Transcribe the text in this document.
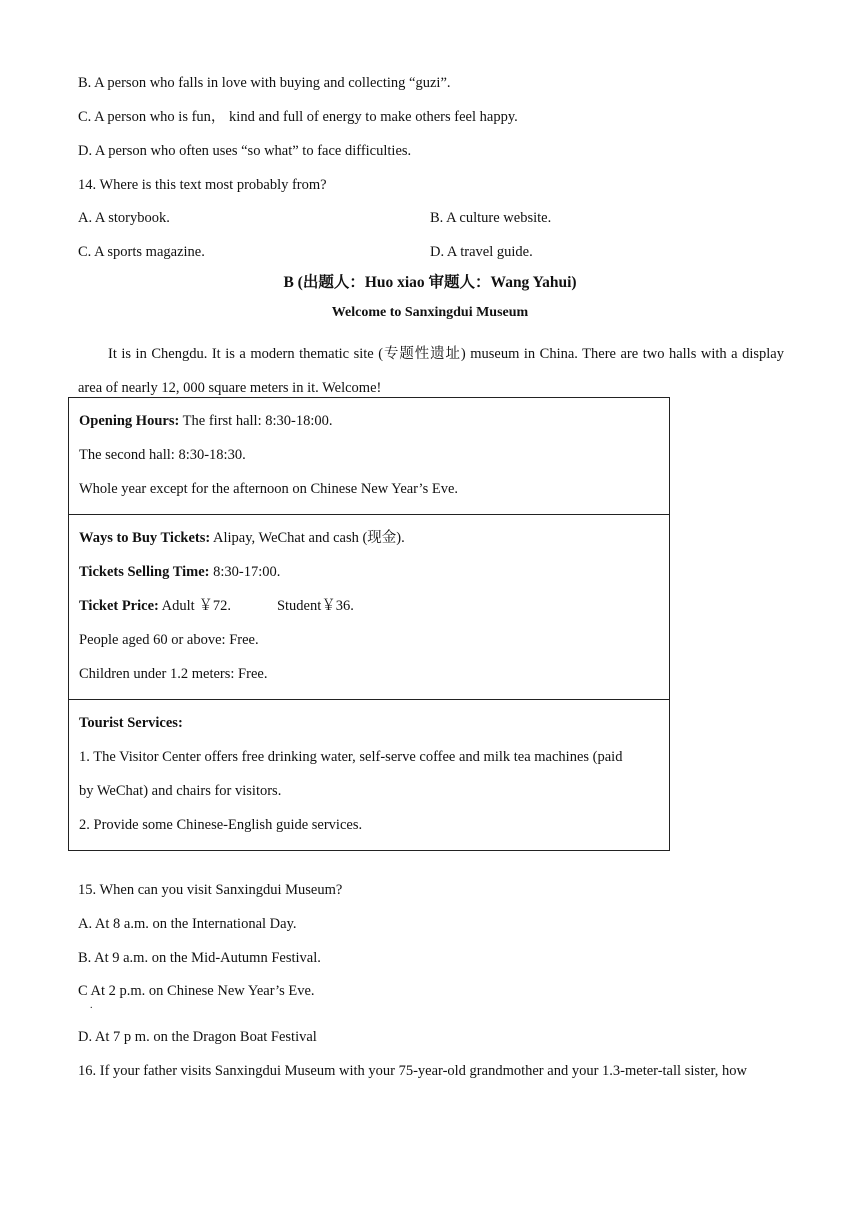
B. A person who falls in love with buying and collecting “guzi”.
C. A person who is fun， kind and full of energy to make others feel happy.
D. A person who often uses “so what” to face difficulties.
14. Where is this text most probably from?
A. A storybook.	B. A culture website.
C. A sports magazine.	D. A travel guide.
B (出题人：Huo xiao 审题人：Wang Yahui)
Welcome to Sanxingdui Museum
It is in Chengdu. It is a modern thematic site (专题性遗址) museum in China. There are two halls with a display area of nearly 12, 000 square meters in it. Welcome!
Opening Hours: The first hall: 8:30-18:00.
The second hall: 8:30-18:30.
Whole year except for the afternoon on Chinese New Year’s Eve.
Ways to Buy Tickets: Alipay, WeChat and cash (现金).
Tickets Selling Time: 8:30-17:00.
Ticket Price: Adult ￥72.	Student￥36.
People aged 60 or above: Free.
Children under 1.2 meters: Free.
Tourist Services:
1. The Visitor Center offers free drinking water, self-serve coffee and milk tea machines (paid
by WeChat) and chairs for visitors.
2. Provide some Chinese-English guide services.
15. When can you visit Sanxingdui Museum?
A. At 8 a.m. on the International Day.
B. At 9 a.m. on the Mid-Autumn Festival.
C At 2 p.m. on Chinese New Year’s Eve.
.
D. At 7 p m. on the Dragon Boat Festival
16. If your father visits Sanxingdui Museum with your 75-year-old grandmother and your 1.3-meter-tall sister, how
